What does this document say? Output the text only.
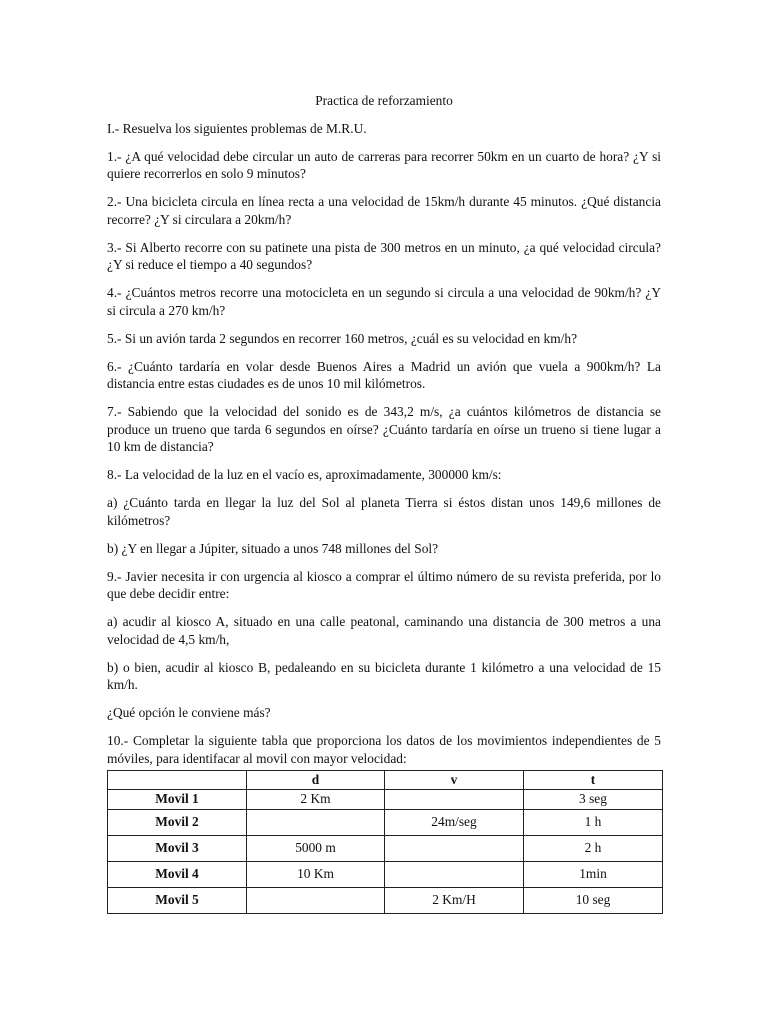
Practica de reforzamiento

I.- Resuelva los siguientes problemas de M.R.U.

1.- ¿A qué velocidad debe circular un auto de carreras para recorrer 50km en un cuarto de hora? ¿Y si quiere recorrerlos en solo 9 minutos?

2.- Una bicicleta circula en línea recta a una velocidad de 15km/h durante 45 minutos. ¿Qué distancia recorre? ¿Y si circulara a 20km/h?

3.- Si Alberto recorre con su patinete una pista de 300 metros en un minuto, ¿a qué velocidad circula? ¿Y si reduce el tiempo a 40 segundos?

4.- ¿Cuántos metros recorre una motocicleta en un segundo si circula a una velocidad de 90km/h? ¿Y si circula a 270 km/h?

5.- Si un avión tarda 2 segundos en recorrer 160 metros, ¿cuál es su velocidad en km/h?

6.- ¿Cuánto tardaría en volar desde Buenos Aires a Madrid un avión que vuela a 900km/h? La distancia entre estas ciudades es de unos 10 mil kilómetros.

7.- Sabiendo que la velocidad del sonido es de 343,2 m/s, ¿a cuántos kilómetros de distancia se produce un trueno que tarda 6 segundos en oírse? ¿Cuánto tardaría en oírse un trueno si tiene lugar a 10 km de distancia?

8.- La velocidad de la luz en el vacío es, aproximadamente, 300000 km/s:

a) ¿Cuánto tarda en llegar la luz del Sol al planeta Tierra si éstos distan unos 149,6 millones de kilómetros?

b) ¿Y en llegar a Júpiter, situado a unos 748 millones del Sol?

9.- Javier necesita ir con urgencia al kiosco a comprar el último número de su revista preferida, por lo que debe decidir entre:

a) acudir al kiosco A, situado en una calle peatonal, caminando una distancia de 300 metros a una velocidad de 4,5 km/h,

b) o bien, acudir al kiosco B, pedaleando en su bicicleta durante 1 kilómetro a una velocidad de 15 km/h.

¿Qué opción le conviene más?

10.- Completar la siguiente tabla que proporciona los datos de los movimientos independientes de 5 móviles, para identifacar al movil con mayor velocidad:

	d	v	t
Movil 1	2 Km		3 seg
Movil 2		24m/seg	1 h
Movil 3	5000 m		2 h
Movil 4	10 Km		1min
Movil 5		2 Km/H	10 seg
